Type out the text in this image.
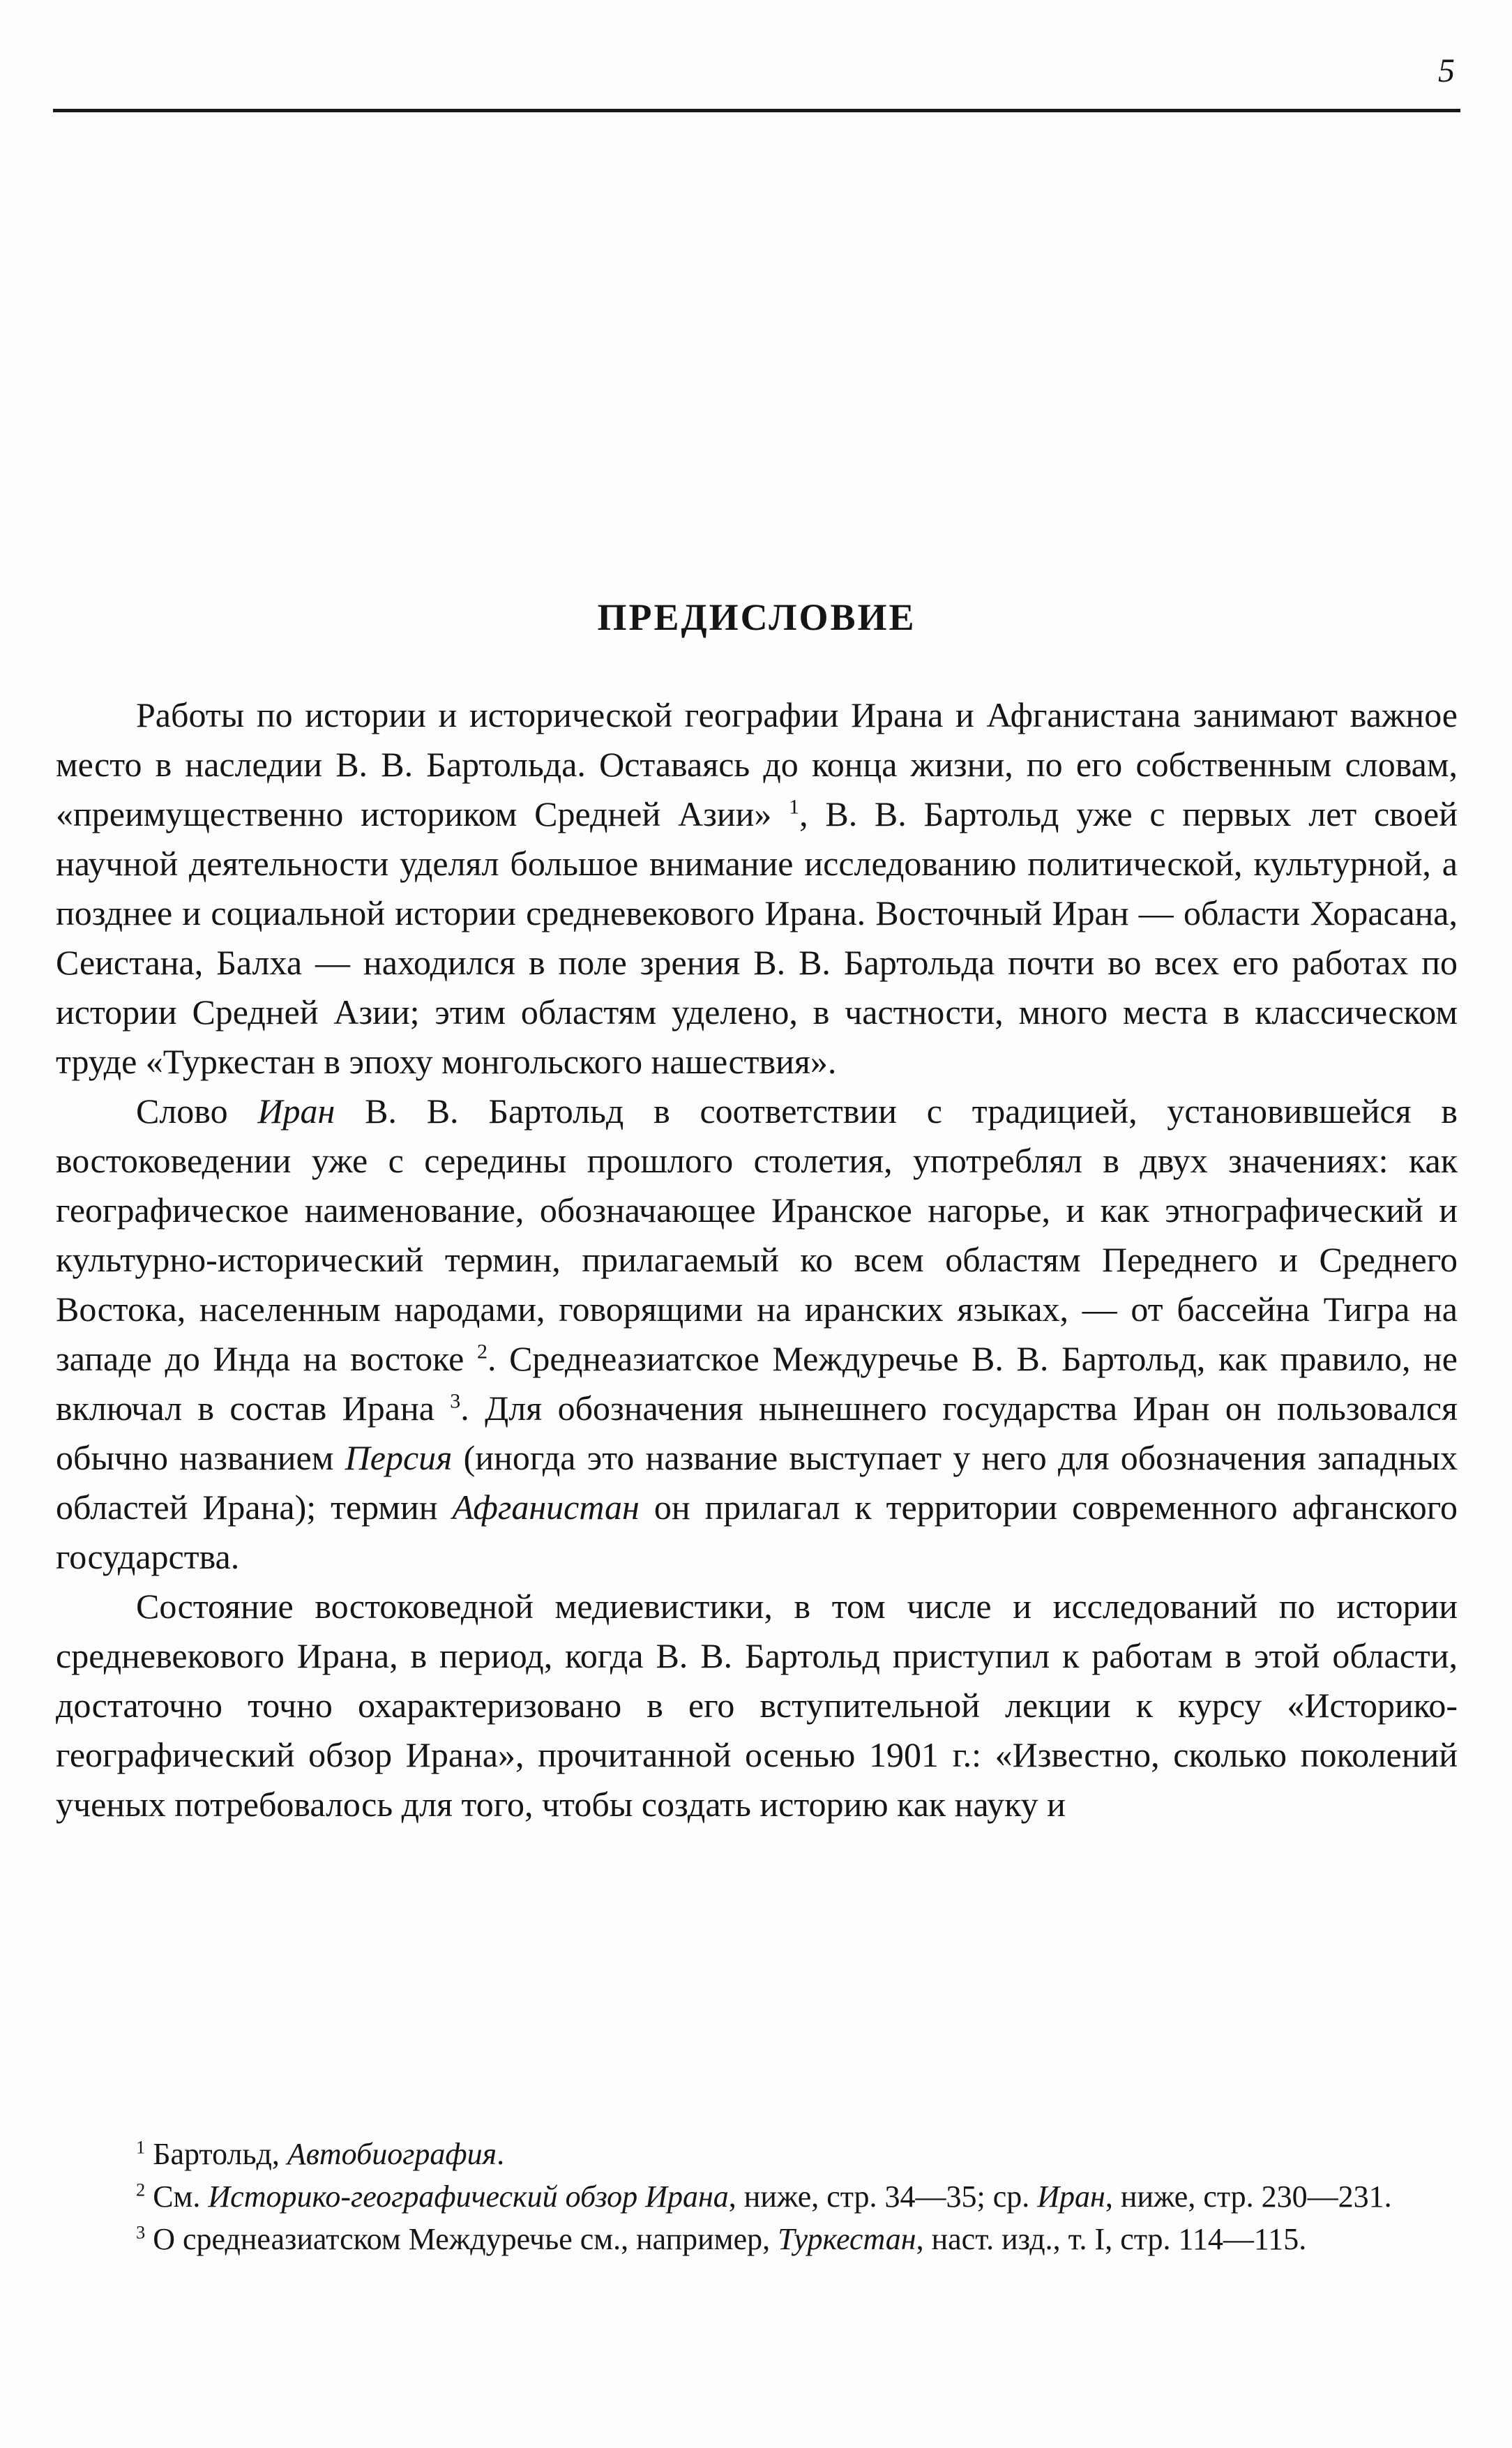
5
ПРЕДИСЛОВИЕ

Работы по истории и исторической географии Ирана и Афганистана занимают важное место в наследии В. В. Бартольда. Оставаясь до конца жизни, по его собственным словам, «преимущественно историком Средней Азии» $^1$, В. В. Бартольд уже с первых лет своей научной деятельности уделял большое внимание исследованию политической, культурной, а позднее и социальной истории средневекового Ирана. Восточный Иран — области Хорасана, Сеистана, Балха — находился в поле зрения В. В. Бартольда почти во всех его работах по истории Средней Азии; этим областям уделено, в частности, много места в классическом труде «Туркестан в эпоху монгольского нашествия».

Слово Иран В. В. Бартольд в соответствии с традицией, установившейся в востоковедении уже с середины прошлого столетия, употреблял в двух значениях: как географическое наименование, обозначающее Иранское нагорье, и как этнографический и культурно-исторический термин, прилагаемый ко всем областям Переднего и Среднего Востока, населенным народами, говорящими на иранских языках, — от бассейна Тигра на западе до Инда на востоке $^2$. Среднеазиатское Междуречье В. В. Бартольд, как правило, не включал в состав Ирана $^3$. Для обозначения нынешнего государства Иран он пользовался обычно названием Персия (иногда это название выступает у него для обозначения западных областей Ирана); термин Афганистан он прилагал к территории современного афганского государства.

Состояние востоковедной медиевистики, в том числе и исследований по истории средневекового Ирана, в период, когда В. В. Бартольд приступил к работам в этой области, достаточно точно охарактеризовано в его вступительной лекции к курсу «Историко-географический обзор Ирана», прочитанной осенью 1901 г.: «Известно, сколько поколений ученых потребовалось для того, чтобы создать историю как науку и

$^1$ Бартольд, Автобиография.

$^2$ См. Историко-географический обзор Ирана, ниже, стр. 34—35; ср. Иран, ниже, стр. 230—231.

$^3$ О среднеазиатском Междуречье см., например, Туркестан, наст. изд., т. I, стр. 114—115.
